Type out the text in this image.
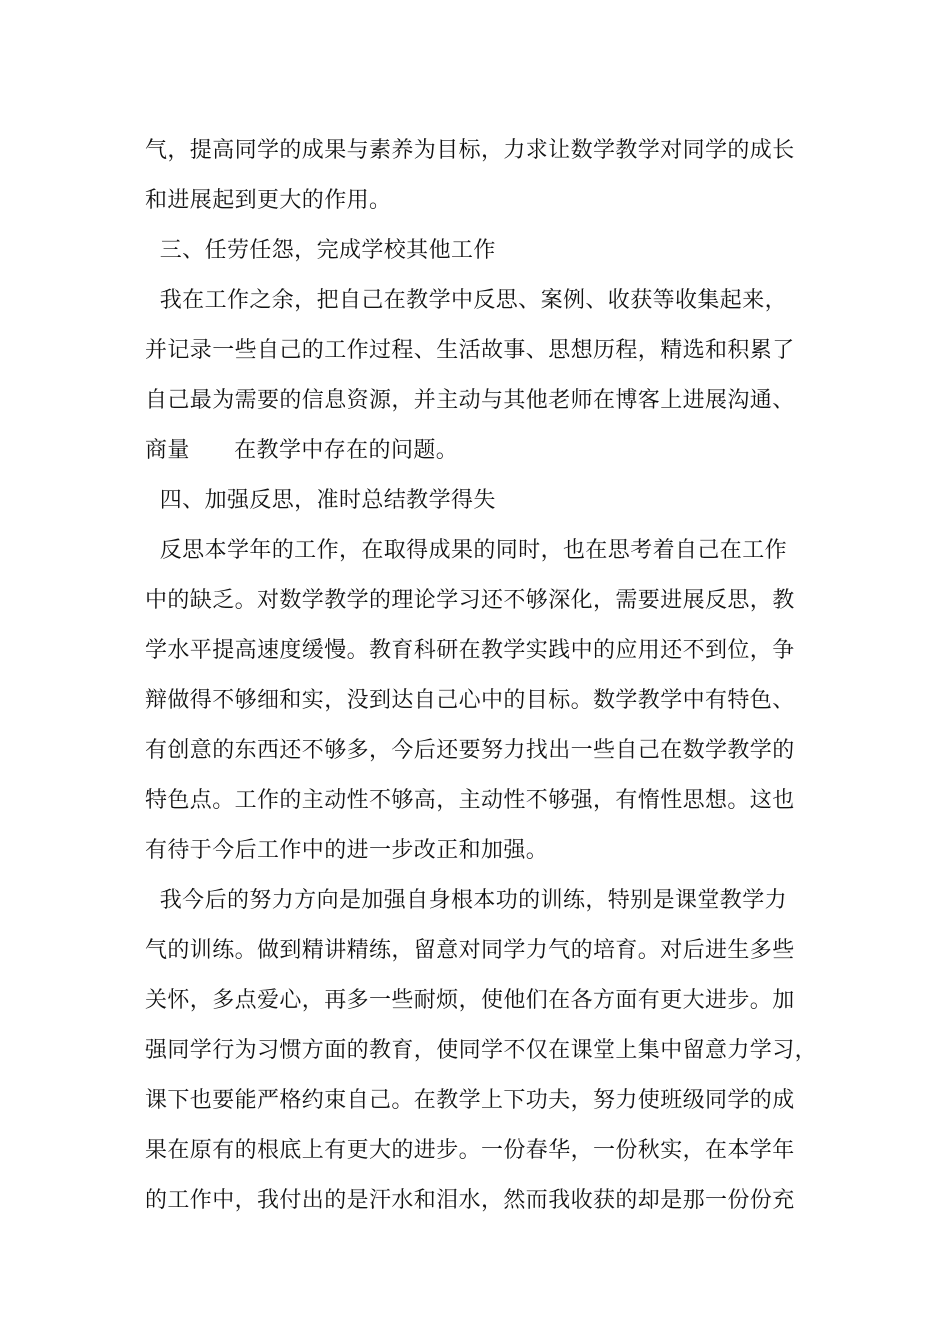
气，提高同学的成果与素养为目标，力求让数学教学对同学的成长
和进展起到更大的作用。
三、任劳任怨，完成学校其他工作
我在工作之余，把自己在教学中反思、案例、收获等收集起来，
并记录一些自己的工作过程、生活故事、思想历程，精选和积累了
自己最为需要的信息资源，并主动与其他老师在博客上进展沟通、
商量      在教学中存在的问题。
四、加强反思，准时总结教学得失
反思本学年的工作，在取得成果的同时，也在思考着自己在工作
中的缺乏。对数学教学的理论学习还不够深化，需要进展反思，教
学水平提高速度缓慢。教育科研在教学实践中的应用还不到位，争
辩做得不够细和实，没到达自己心中的目标。数学教学中有特色、
有创意的东西还不够多，今后还要努力找出一些自己在数学教学的
特色点。工作的主动性不够高，主动性不够强，有惰性思想。这也
有待于今后工作中的进一步改正和加强。
我今后的努力方向是加强自身根本功的训练，特别是课堂教学力
气的训练。做到精讲精练，留意对同学力气的培育。对后进生多些
关怀，多点爱心，再多一些耐烦，使他们在各方面有更大进步。加
强同学行为习惯方面的教育，使同学不仅在课堂上集中留意力学习，
课下也要能严格约束自己。在教学上下功夫，努力使班级同学的成
果在原有的根底上有更大的进步。一份春华，一份秋实，在本学年
的工作中，我付出的是汗水和泪水，然而我收获的却是那一份份充
